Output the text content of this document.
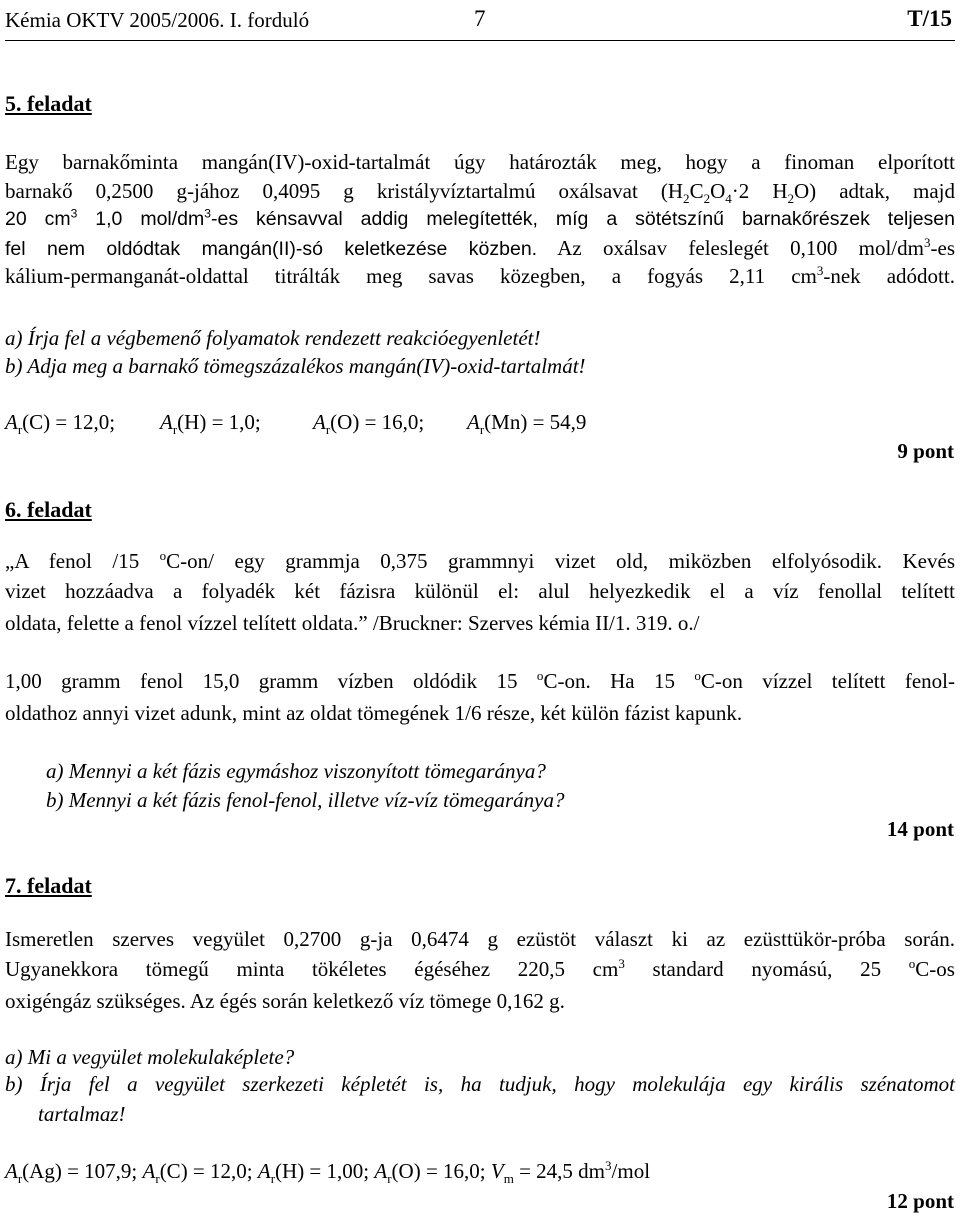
Kémia OKTV 2005/2006. I. forduló	7	T/15
5. feladat
Egy barnakőminta mangán(IV)-oxid-tartalmát úgy határozták meg, hogy a finoman elporított
barnakő 0,2500 g-jához 0,4095 g kristályvíztartalmú oxálsavat ($H_2C_2O_4\cdot 2$ $H_2O$) adtak, majd
20 $cm^3$ 1,0 mol/$dm^3-es$ kénsavval addig melegítették, míg a sötétszínű barnakőrészek teljesen
fel nem oldódtak mangán(II)-só keletkezése közben. Az oxálsav feleslegét 0,100 mol/$dm^3-es$
kálium-permanganát-oldattal titrálták meg savas közegben, a fogyás 2,11 $cm^3$-nek adódott.
a) Írja fel a végbemenő folyamatok rendezett reakcióegyenletét!
b) Adja meg a barnakő tömegszázalékos mangán(IV)-oxid-tartalmát!
$A_r(C) = 12,0$; $A_r(H) = 1,0$; $A_r(O) = 16,0$; $A_r(Mn) = 54,9$
9 pont
6. feladat
„A fenol /15 $^o$C-on/ egy grammja 0,375 grammnyi vizet old, miközben elfolyósodik. Kevés
vizet hozzáadva a folyadék két fázisra különül el: alul helyezkedik el a víz fenollal telített
oldata, felette a fenol vízzel telített oldata.” /Bruckner: Szerves kémia II/1. 319. o./
1,00 gramm fenol 15,0 gramm vízben oldódik 15 $^o$C-on. Ha 15 $^o$C-on vízzel telített fenol-
oldathoz annyi vizet adunk, mint az oldat tömegének 1/6 része, két külön fázist kapunk.
a) Mennyi a két fázis egymáshoz viszonyított tömegaránya?
b) Mennyi a két fázis fenol-fenol, illetve víz-víz tömegaránya?
14 pont
7. feladat
Ismeretlen szerves vegyület 0,2700 g-ja 0,6474 g ezüstöt választ ki az ezüsttükör-próba során.
Ugyanekkora tömegű minta tökéletes égéséhez 220,5 $cm^3$ standard nyomású, 25 $^o$C-os
oxigéngáz szükséges. Az égés során keletkező víz tömege 0,162 g.
a) Mi a vegyület molekulaképlete?
b) Írja fel a vegyület szerkezeti képletét is, ha tudjuk, hogy molekulája egy királis szénatomot
tartalmaz!
$A_r(Ag) = 107,9$; $A_r(C) = 12,0$; $A_r(H) = 1,00$; $A_r(O) = 16,0$; $V_m = 24,5$ $dm^3$/mol
12 pont
